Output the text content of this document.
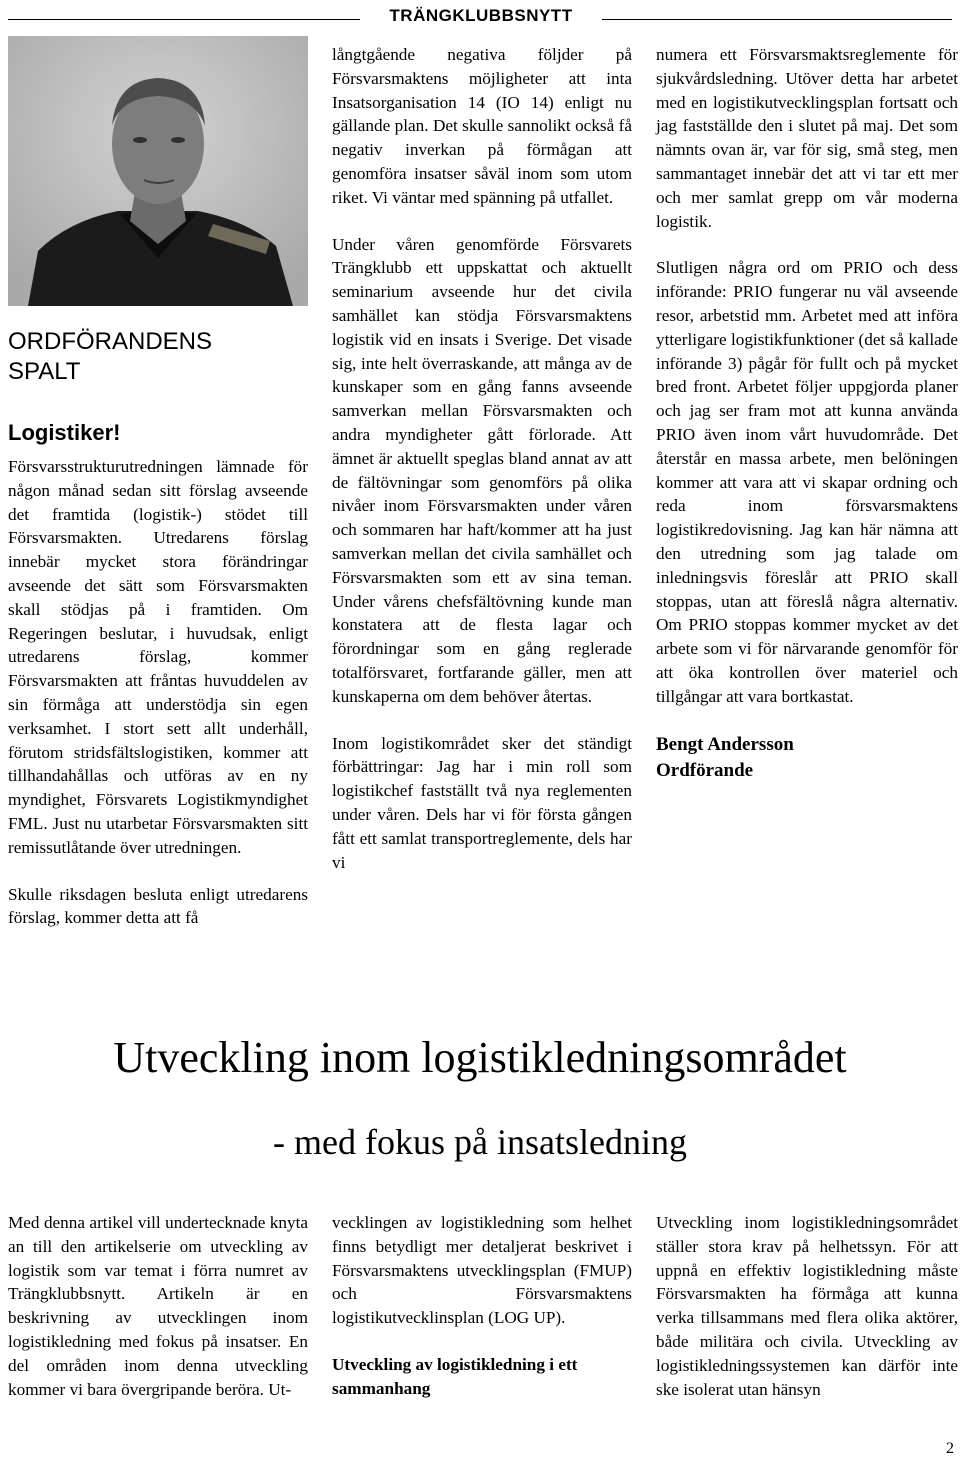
TRÄNGKLUBBSNYTT
ORDFÖRANDENS
SPALT
Logistiker!

Försvarsstrukturutredningen lämnade för någon månad sedan sitt förslag avseende det framtida (logistik-) stödet till Försvarsmakten. Utredarens förslag innebär mycket stora förändringar avseende det sätt som Försvarsmakten skall stödjas på i framtiden. Om Regeringen beslutar, i huvudsak, enligt utredarens förslag, kommer Försvarsmakten att fråntas huvuddelen av sin förmåga att understödja sin egen verksamhet. I stort sett allt underhåll, förutom stridsfältslogistiken, kommer att tillhandahållas och utföras av en ny myndighet, Försvarets Logistikmyndighet FML. Just nu utarbetar Försvarsmakten sitt remissutlåtande över utredningen.

Skulle riksdagen besluta enligt utredarens förslag, kommer detta att få

långtgående negativa följder på Försvarsmaktens möjligheter att inta Insatsorganisation 14 (IO 14) enligt nu gällande plan. Det skulle sannolikt också få negativ inverkan på förmågan att genomföra insatser såväl inom som utom riket. Vi väntar med spänning på utfallet.

Under våren genomförde Försvarets Trängklubb ett uppskattat och aktuellt seminarium avseende hur det civila samhället kan stödja Försvarsmaktens logistik vid en insats i Sverige. Det visade sig, inte helt överraskande, att många av de kunskaper som en gång fanns avseende samverkan mellan Försvarsmakten och andra myndigheter gått förlorade. Att ämnet är aktuellt speglas bland annat av att de fältövningar som genomförs på olika nivåer inom Försvarsmakten under våren och sommaren har haft/kommer att ha just samverkan mellan det civila samhället och Försvarsmakten som ett av sina teman. Under vårens chefsfältövning kunde man konstatera att de flesta lagar och förordningar som en gång reglerade totalförsvaret, fortfarande gäller, men att kunskaperna om dem behöver återtas.

Inom logistikområdet sker det ständigt förbättringar: Jag har i min roll som logistikchef fastställt två nya reglementen under våren. Dels har vi för första gången fått ett samlat transportreglemente, dels har vi

numera ett Försvarsmaktsreglemente för sjukvårdsledning. Utöver detta har arbetet med en logistikutvecklingsplan fortsatt och jag fastställde den i slutet på maj. Det som nämnts ovan är, var för sig, små steg, men sammantaget innebär det att vi tar ett mer och mer samlat grepp om vår moderna logistik.

Slutligen några ord om PRIO och dess införande: PRIO fungerar nu väl avseende resor, arbetstid mm. Arbetet med att införa ytterligare logistikfunktioner (det så kallade införande 3) pågår för fullt och på mycket bred front. Arbetet följer uppgjorda planer och jag ser fram mot att kunna använda PRIO även inom vårt huvudområde. Det återstår en massa arbete, men belöningen kommer att vara att vi skapar ordning och reda inom försvarsmaktens logistikredovisning. Jag kan här nämna att den utredning som jag talade om inledningsvis föreslår att PRIO skall stoppas, utan att föreslå några alternativ. Om PRIO stoppas kommer mycket av det arbete som vi för närvarande genomför för att öka kontrollen över materiel och tillgångar att vara bortkastat.

Bengt Andersson
Ordförande

Utveckling inom logistikledningsområdet
- med fokus på insatsledning

Med denna artikel vill undertecknade knyta an till den artikelserie om utveckling av logistik som var temat i förra numret av Trängklubbsnytt. Artikeln är en beskrivning av utvecklingen inom logistikledning med fokus på insatser. En del områden inom denna utveckling kommer vi bara övergripande beröra. Ut-

vecklingen av logistikledning som helhet finns betydligt mer detaljerat beskrivet i Försvarsmaktens utvecklingsplan (FMUP) och Försvarsmaktens logistikutvecklinsplan (LOG UP).

Utveckling av logistikledning i ett sammanhang

Utveckling inom logistikledningsområdet ställer stora krav på helhetssyn. För att uppnå en effektiv logistikledning måste Försvarsmakten ha förmåga att kunna verka tillsammans med flera olika aktörer, både militära och civila. Utveckling av logistikledningssystemen kan därför inte ske isolerat utan hänsyn

2
